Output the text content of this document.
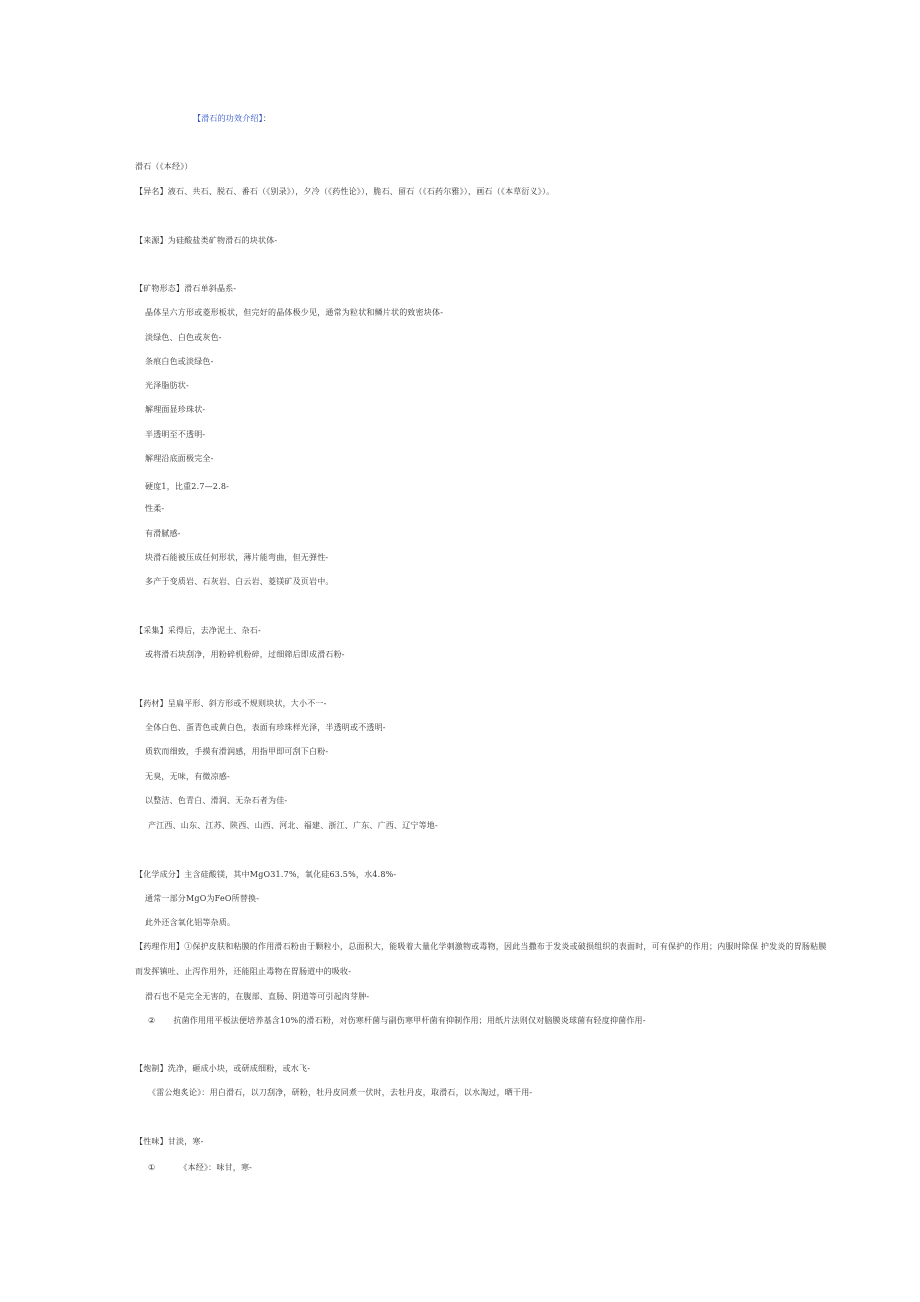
【滑石的功效介绍】：
滑石（《本经》）
【异名】液石、共石、脱石、番石（《别录》），夕冷（《药性论》），脆石、留石（《石药尔雅》），画石（《本草衍义》）。
【来源】为硅酸盐类矿物滑石的块状体-
【矿物形态】滑石单斜晶系-
晶体呈六方形或菱形板状，但完好的晶体极少见，通常为粒状和鳞片状的致密块体-
淡绿色、白色或灰色-
条痕白色或淡绿色-
光泽脂肪状-
解理面显珍珠状-
半透明至不透明-
解理沿底面极完全-
硬度1，比重2.7—2.8-
性柔-
有滑腻感-
块滑石能被压成任何形状，薄片能弯曲，但无弹性-
多产于变质岩、石灰岩、白云岩、菱镁矿及页岩中。
【采集】采得后，去净泥土、杂石-
或将滑石块刮净，用粉碎机粉碎，过细筛后即成滑石粉-
【药材】呈扁平形、斜方形或不规则块状，大小不一-
全体白色、蛋青色或黄白色，表面有珍珠样光泽，半透明或不透明-
质软而细致，手摸有滑润感，用指甲即可刮下白粉-
无臭，无味，有微凉感-
以整洁、色青白、滑润、无杂石者为佳-
产江西、山东、江苏、陕西、山西、河北、福建、浙江、广东、广西、辽宁等地-
【化学成分】主含硅酸镁，其中MgO31.7%，氧化硅63.5%，水4.8%-
通常一部分MgO为FeO所替换-
此外还含氧化铝等杂质。
【药理作用】①保护皮肤和粘膜的作用滑石粉由于颗粒小，总面积大，能吸着大量化学刺激物或毒物，因此当撒布于发炎或破损组织的表面时，可有保护的作用；内服时除保 护发炎的胃肠粘膜
而发挥镇吐、止泻作用外，还能阻止毒物在胃肠道中的吸收-
滑石也不是完全无害的，在腹部、直肠、阴道等可引起肉芽肿-
② 抗菌作用用平板法便培养基含10%的滑石粉，对伤寒杆菌与副伤寒甲杆菌有抑制作用；用纸片法则仅对脑膜炎球菌有轻度抑菌作用-
【炮制】洗净，砸成小块，或研成细粉，或水飞-
《雷公炮炙论》：用白滑石，以刀刮净，研粉，牡丹皮同煮一伏时，去牡丹皮，取滑石，以水淘过，晒干用-
【性味】甘淡，寒-
①	《本经》：味甘，寒-
